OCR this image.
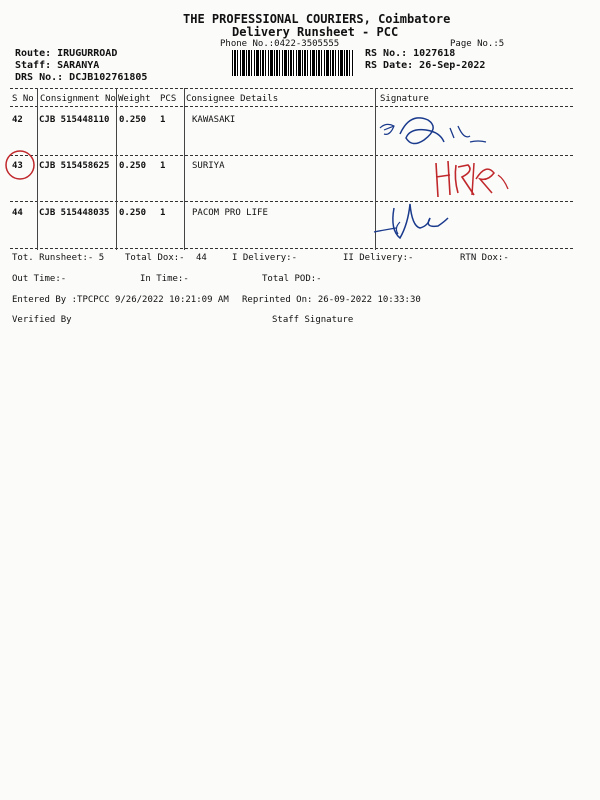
THE PROFESSIONAL COURIERS, Coimbatore
Delivery Runsheet - PCC
Phone No.:0422-3505555	Page No.:5
Route: IRUGURROAD
Staff: SARANYA
DRS No.: DCJB102761805
RS No.: 1027618
RS Date: 26-Sep-2022
S No Consignment No Weight PCS Consignee Details	Signature
42 CJB 515448110 0.250 1	KAWASAKI
43 CJB 515458625 0.250 1	SURIYA
44 CJB 515448035 0.250 1	PACOM PRO LIFE
Tot. Runsheet:- 5 Total Dox:- 44	I Delivery:-	II Delivery:-	RTN Dox:-
Out Time:-	In Time:-	Total POD:-
Entered By :TPCPCC 9/26/2022 10:21:09 AM Reprinted On: 26-09-2022 10:33:30
Verified By	Staff Signature
